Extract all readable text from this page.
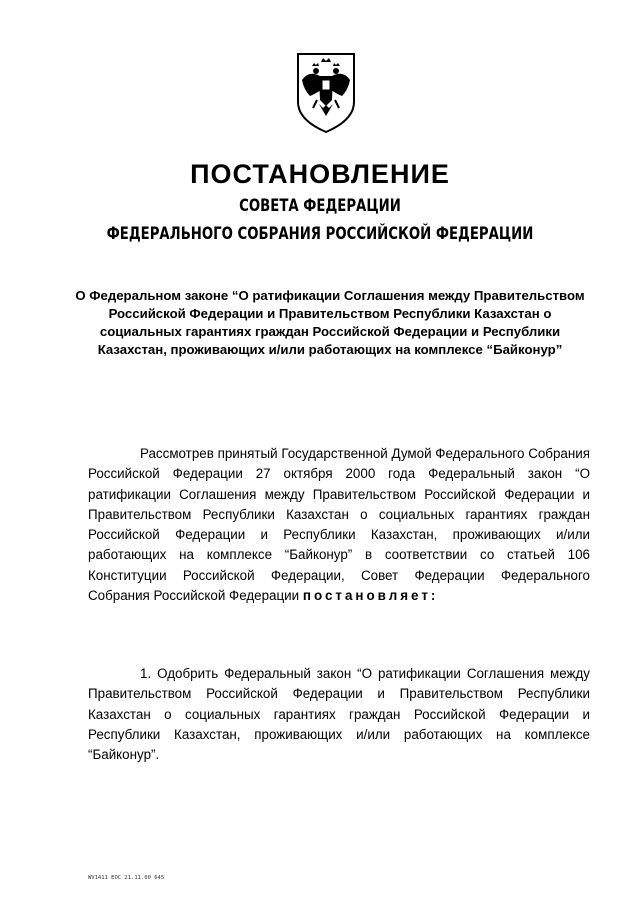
ПОСТАНОВЛЕНИЕ
СОВЕТА ФЕДЕРАЦИИ
ФЕДЕРАЛЬНОГО СОБРАНИЯ РОССИЙСКОЙ ФЕДЕРАЦИИ
О Федеральном законе “О ратификации Соглашения между Правительством Российской Федерации и Правительством Республики Казахстан о социальных гарантиях граждан Российской Федерации и Республики Казахстан, проживающих и/или работающих на комплексе “Байконур”
Рассмотрев принятый Государственной Думой Федерального Собрания Российской Федерации 27 октября 2000 года Федеральный закон “О ратификации Соглашения между Правительством Российской Федерации и Правительством Республики Казахстан о социальных гарантиях граждан Российской Федерации и Республики Казахстан, проживающих и/или работающих на комплексе “Байконур” в соответствии со статьей 106 Конституции Российской Федерации, Совет Федерации Федерального Собрания Российской Федерации постановляет:
1. Одобрить Федеральный закон “О ратификации Соглашения между Правительством Российской Федерации и Правительством Республики Казахстан о социальных гарантиях граждан Российской Федерации и Республики Казахстан, проживающих и/или работающих на комплексе “Байконур”.
WV1411 ЕОС 21.11.00 645
